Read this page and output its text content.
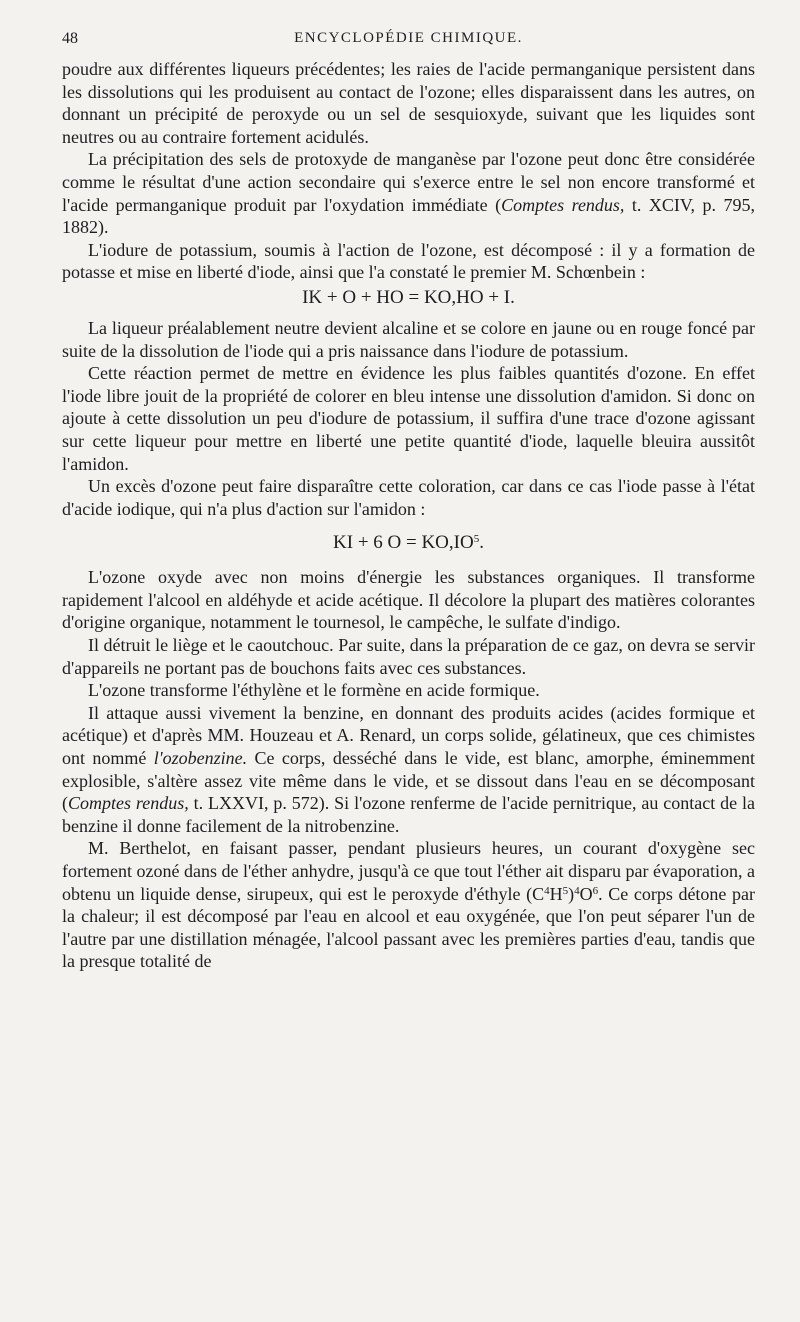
48	ENCYCLOPÉDIE CHIMIQUE.

poudre aux différentes liqueurs précédentes; les raies de l'acide permanganique persistent dans les dissolutions qui les produisent au contact de l'ozone; elles disparaissent dans les autres, on donnant un précipité de peroxyde ou un sel de sesquioxyde, suivant que les liquides sont neutres ou au contraire fortement acidulés.

La précipitation des sels de protoxyde de manganèse par l'ozone peut donc être considérée comme le résultat d'une action secondaire qui s'exerce entre le sel non encore transformé et l'acide permanganique produit par l'oxydation immédiate (Comptes rendus, t. XCIV, p. 795, 1882).

L'iodure de potassium, soumis à l'action de l'ozone, est décomposé : il y a formation de potasse et mise en liberté d'iode, ainsi que l'a constaté le premier M. Schœnbein :

IK + O + HO = KO,HO + I.

La liqueur préalablement neutre devient alcaline et se colore en jaune ou en rouge foncé par suite de la dissolution de l'iode qui a pris naissance dans l'iodure de potassium.

Cette réaction permet de mettre en évidence les plus faibles quantités d'ozone. En effet l'iode libre jouit de la propriété de colorer en bleu intense une dissolution d'amidon. Si donc on ajoute à cette dissolution un peu d'iodure de potassium, il suffira d'une trace d'ozone agissant sur cette liqueur pour mettre en liberté une petite quantité d'iode, laquelle bleuira aussitôt l'amidon.

Un excès d'ozone peut faire disparaître cette coloration, car dans ce cas l'iode passe à l'état d'acide iodique, qui n'a plus d'action sur l'amidon :

KI + 6 $O = KO,IO^5$.

L'ozone oxyde avec non moins d'énergie les substances organiques. Il transforme rapidement l'alcool en aldéhyde et acide acétique. Il décolore la plupart des matières colorantes d'origine organique, notamment le tournesol, le campêche, le sulfate d'indigo.

Il détruit le liège et le caoutchouc. Par suite, dans la préparation de ce gaz, on devra se servir d'appareils ne portant pas de bouchons faits avec ces substances.

L'ozone transforme l'éthylène et le formène en acide formique.

Il attaque aussi vivement la benzine, en donnant des produits acides (acides formique et acétique) et d'après MM. Houzeau et A. Renard, un corps solide, gélatineux, que ces chimistes ont nommé l'ozobenzine. Ce corps, desséché dans le vide, est blanc, amorphe, éminemment explosible, s'altère assez vite même dans le vide, et se dissout dans l'eau en se décomposant (Comptes rendus, t. LXXVI, p. 572). Si l'ozone renferme de l'acide pernitrique, au contact de la benzine il donne facilement de la nitrobenzine.

M. Berthelot, en faisant passer, pendant plusieurs heures, un courant d'oxygène sec fortement ozoné dans de l'éther anhydre, jusqu'à ce que tout l'éther ait disparu par évaporation, a obtenu un liquide dense, sirupeux, qui est le peroxyde d'éthyle $(C^4H^5)^4O^6$. Ce corps détone par la chaleur; il est décomposé par l'eau en alcool et eau oxygénée, que l'on peut séparer l'un de l'autre par une distillation ménagée, l'alcool passant avec les premières parties d'eau, tandis que la presque totalité de
